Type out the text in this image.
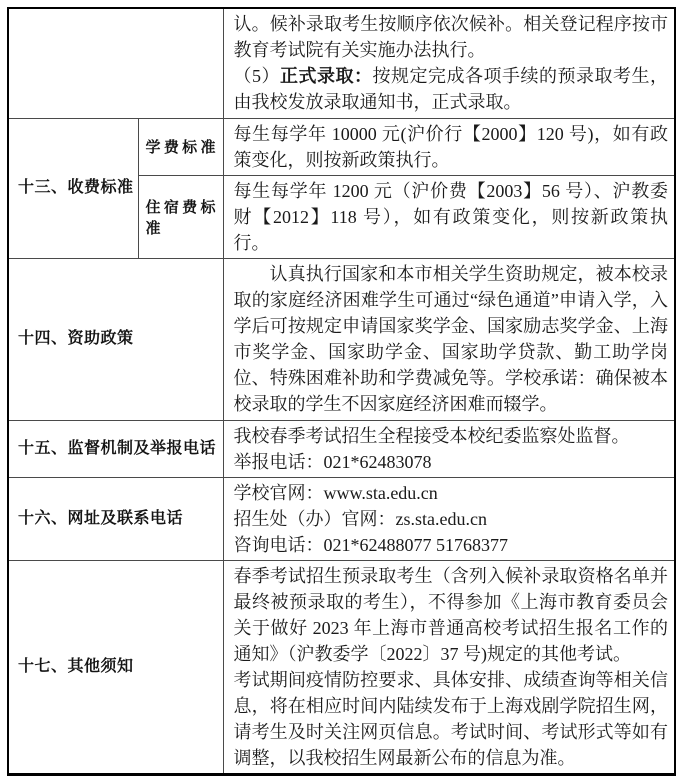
		认。候补录取考生按顺序依次候补。相关登记程序按市教育考试院有关实施办法执行。

（5）正式录取：按规定完成各项手续的预录取考生，由我校发放录取通知书，正式录取。

十三、收费标准	学费标准	每生每学年 10000 元(沪价行【2000】120 号)，如有政策变化，则按新政策执行。

	住宿费标准	每生每学年 1200 元（沪价费【2003】56 号）、沪教委财【2012】118 号），如有政策变化，则按新政策执行。

十四、资助政策		认真执行国家和本市相关学生资助规定，被本校录取的家庭经济困难学生可通过“绿色通道”申请入学，入学后可按规定申请国家奖学金、国家励志奖学金、上海市奖学金、国家助学金、国家助学贷款、勤工助学岗位、特殊困难补助和学费减免等。学校承诺：确保被本校录取的学生不因家庭经济困难而辍学。

十五、监督机制及举报电话		我校春季考试招生全程接受本校纪委监察处监督。

举报电话：021*62483078

十六、网址及联系电话		学校官网：www.sta.edu.cn

招生处（办）官网：zs.sta.edu.cn

咨询电话：021*62488077 51768377

十七、其他须知		春季考试招生预录取考生（含列入候补录取资格名单并最终被预录取的考生），不得参加《上海市教育委员会关于做好 2023 年上海市普通高校考试招生报名工作的通知》（沪教委学〔2022〕37 号)规定的其他考试。

考试期间疫情防控要求、具体安排、成绩查询等相关信息，将在相应时间内陆续发布于上海戏剧学院招生网，请考生及时关注网页信息。考试时间、考试形式等如有调整，以我校招生网最新公布的信息为准。
